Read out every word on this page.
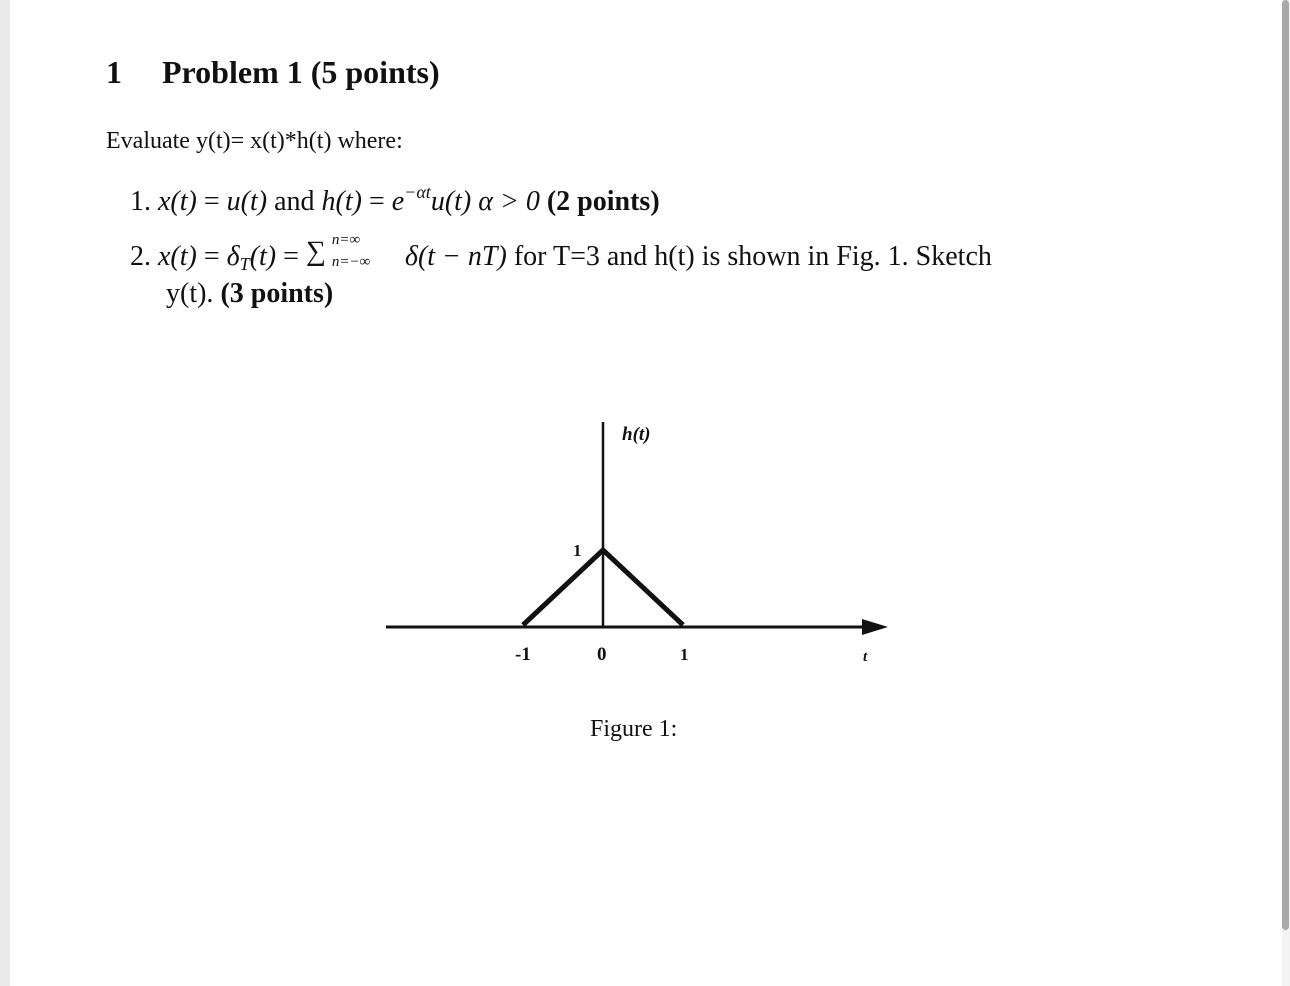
1 Problem 1 (5 points)
Evaluate y(t)= x(t)*h(t) where:
1. x(t) = u(t) and $h(t) = e^{-\alpha t}u(t) \alpha > 0$ (2 points)
2. x(t) = δT(t) = ∑ n=∞
n=−∞ δ(t − nT) for T=3 and h(t) is shown in Fig. 1. Sketch
y(t). (3 points)
h(t)
1
-1	0	1	t
Figure 1:
